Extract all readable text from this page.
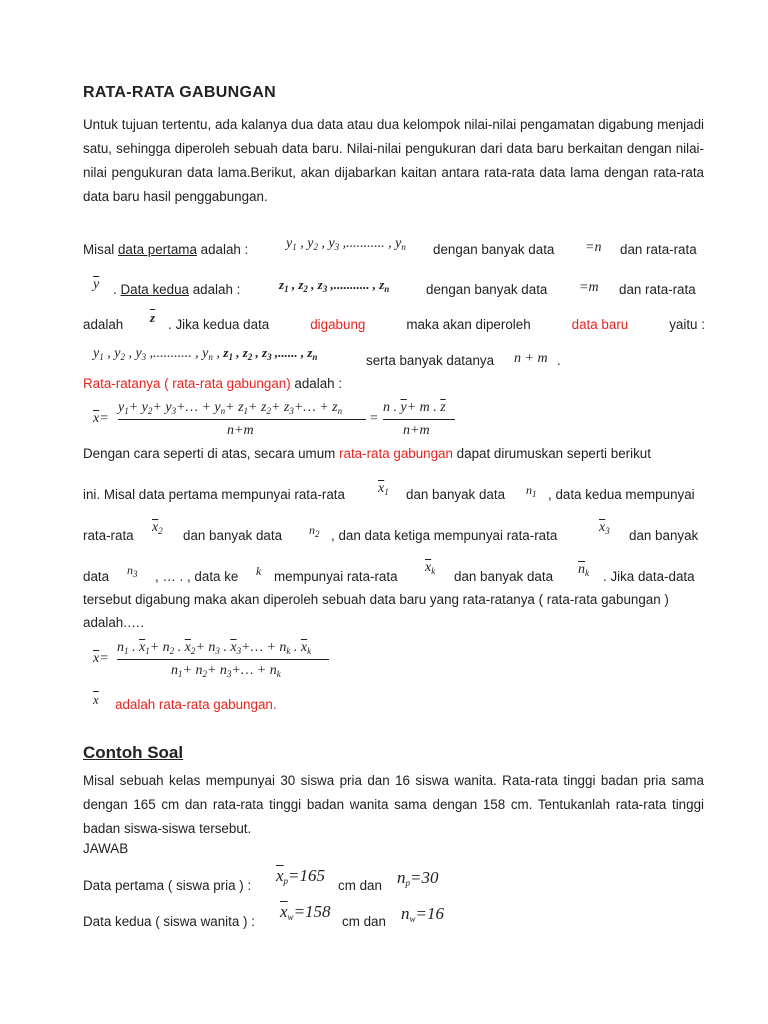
RATA-RATA GABUNGAN
Untuk tujuan tertentu, ada kalanya dua data atau dua kelompok nilai-nilai pengamatan digabung menjadi satu, sehingga diperoleh sebuah data baru. Nilai-nilai pengukuran dari data baru berkaitan dengan nilai-nilai pengukuran data lama.Berikut, akan dijabarkan kaitan antara rata-rata data lama dengan rata-rata data baru hasil penggabungan.
Misal data pertama adalah :	$y_1$ , $y_2$ , $y_3$ ,........... , $y_n$ dengan banyak data =n dan rata-rata
$\overline{y}$ . Data kedua adalah :	$z_1$ , $z_2$ , $z_3$ ,........... , $z_n$	dengan banyak data =m dan rata-rata
adalah $\overline{z}$ . Jika kedua data	digabung	maka akan diperoleh	data baru	yaitu :
$y_1$ , $y_2$ , $y_3$ ,........... , $y_n$ , $z_1$ , $z_2$ , $z_3$ ,...... , $z_n$	serta banyak datanya n + m .
Rata-ratanya ( rata-rata gabungan) adalah :
$\overline{x}=$
$y_1+ y_2+$ $y_3+\dots + y_n+ z_1+ z_2+$ $z_3+\dots + z_n$
n+m
=
n . $\overline{y}+ m$ . $\overline{z}$
n+m
Dengan cara seperti di atas, secara umum rata-rata gabungan dapat dirumuskan seperti berikut
ini. Misal data pertama mempunyai rata-rata $\overline{x}_1$ dan banyak data $n_1$ , data kedua mempunyai
rata-rata
$\overline{x}_2$ dan banyak data $n_2$ , dan data ketiga mempunyai rata-rata
$\overline{x}_3$ dan banyak
data $n_3$ , … . , data ke k mempunyai rata-rata
$\overline{x}_k$ dan banyak data $\overline{n}_k$ . Jika data-data
tersebut digabung maka akan diperoleh sebuah data baru yang rata-ratanya ( rata-rata gabungan )
adalah.….
$\overline{x}=$
$n_1$ . $\overline{x}_1+ n_2$ . $\overline{x}_2+ n_3$ . $\overline{x}_3+\dots + n_k$ . $\overline{x}_k$
$n_1+ n_2+$ $n_3+\dots + n_k$
$\overline{x}$ adalah rata-rata gabungan.
Contoh Soal
Misal sebuah kelas mempunyai 30 siswa pria dan 16 siswa wanita. Rata-rata tinggi badan pria sama dengan 165 cm dan rata-rata tinggi badan wanita sama dengan 158 cm. Tentukanlah rata-rata tinggi badan siswa-siswa tersebut.
JAWAB
Data pertama ( siswa pria ) :
$\overline{x}_p=165$
cm dan $n_p=30$
Data kedua ( siswa wanita ) :
$\overline{x}_w=158$
cm dan $n_w=16$
